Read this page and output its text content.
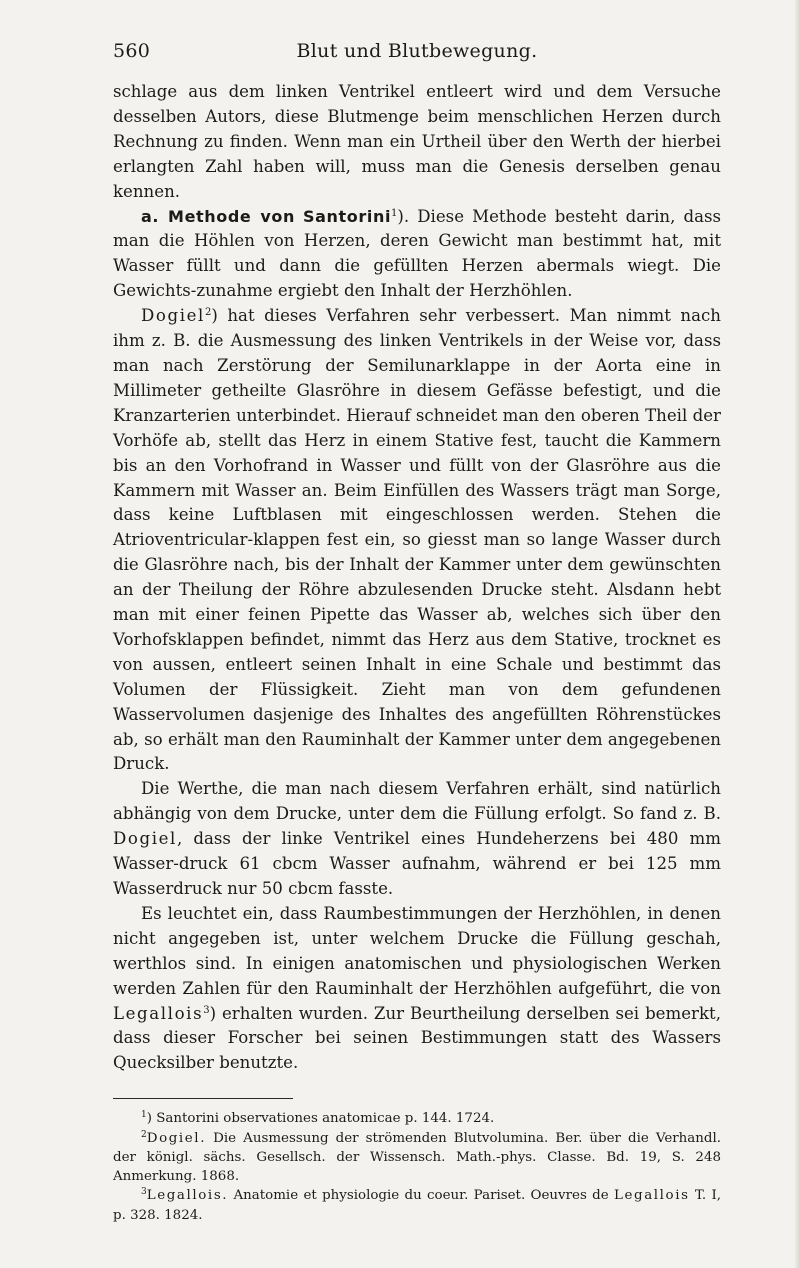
560	Blut und Blutbewegung.

schlage aus dem linken Ventrikel entleert wird und dem Versuche desselben Autors, diese Blutmenge beim menschlichen Herzen durch Rechnung zu finden. Wenn man ein Urtheil über den Werth der hierbei erlangten Zahl haben will, muss man die Genesis derselben genau kennen.

a. Methode von Santorini$^1$). Diese Methode besteht darin, dass man die Höhlen von Herzen, deren Gewicht man bestimmt hat, mit Wasser füllt und dann die gefüllten Herzen abermals wiegt. Die Gewichts-zunahme ergiebt den Inhalt der Herzhöhlen.

Dogiel$^2$) hat dieses Verfahren sehr verbessert. Man nimmt nach ihm z. B. die Ausmessung des linken Ventrikels in der Weise vor, dass man nach Zerstörung der Semilunarklappe in der Aorta eine in Millimeter getheilte Glasröhre in diesem Gefässe befestigt, und die Kranzarterien unterbindet. Hierauf schneidet man den oberen Theil der Vorhöfe ab, stellt das Herz in einem Stative fest, taucht die Kammern bis an den Vorhofrand in Wasser und füllt von der Glasröhre aus die Kammern mit Wasser an. Beim Einfüllen des Wassers trägt man Sorge, dass keine Luftblasen mit eingeschlossen werden. Stehen die Atrioventricular-klappen fest ein, so giesst man so lange Wasser durch die Glasröhre nach, bis der Inhalt der Kammer unter dem gewünschten an der Theilung der Röhre abzulesenden Drucke steht. Alsdann hebt man mit einer feinen Pipette das Wasser ab, welches sich über den Vorhofsklappen befindet, nimmt das Herz aus dem Stative, trocknet es von aussen, entleert seinen Inhalt in eine Schale und bestimmt das Volumen der Flüssigkeit. Zieht man von dem gefundenen Wasservolumen dasjenige des Inhaltes des angefüllten Röhrenstückes ab, so erhält man den Rauminhalt der Kammer unter dem angegebenen Druck.

Die Werthe, die man nach diesem Verfahren erhält, sind natürlich abhängig von dem Drucke, unter dem die Füllung erfolgt. So fand z. B. Dogiel, dass der linke Ventrikel eines Hundeherzens bei 480 mm Wasser-druck 61 cbcm Wasser aufnahm, während er bei 125 mm Wasserdruck nur 50 cbcm fasste.

Es leuchtet ein, dass Raumbestimmungen der Herzhöhlen, in denen nicht angegeben ist, unter welchem Drucke die Füllung geschah, werthlos sind. In einigen anatomischen und physiologischen Werken werden Zahlen für den Rauminhalt der Herzhöhlen aufgeführt, die von Legallois$^3$) erhalten wurden. Zur Beurtheilung derselben sei bemerkt, dass dieser Forscher bei seinen Bestimmungen statt des Wassers Quecksilber benutzte.

$^1$) Santorini observationes anatomicae p. 144. 1724.

$^2$Dogiel. Die Ausmessung der strömenden Blutvolumina. Ber. über die Verhandl. der königl. sächs. Gesellsch. der Wissensch. Math.-phys. Classe. Bd. 19, S. 248 Anmerkung. 1868.

$^3$Legallois. Anatomie et physiologie du coeur. Pariset. Oeuvres de Legallois T. I, p. 328. 1824.
